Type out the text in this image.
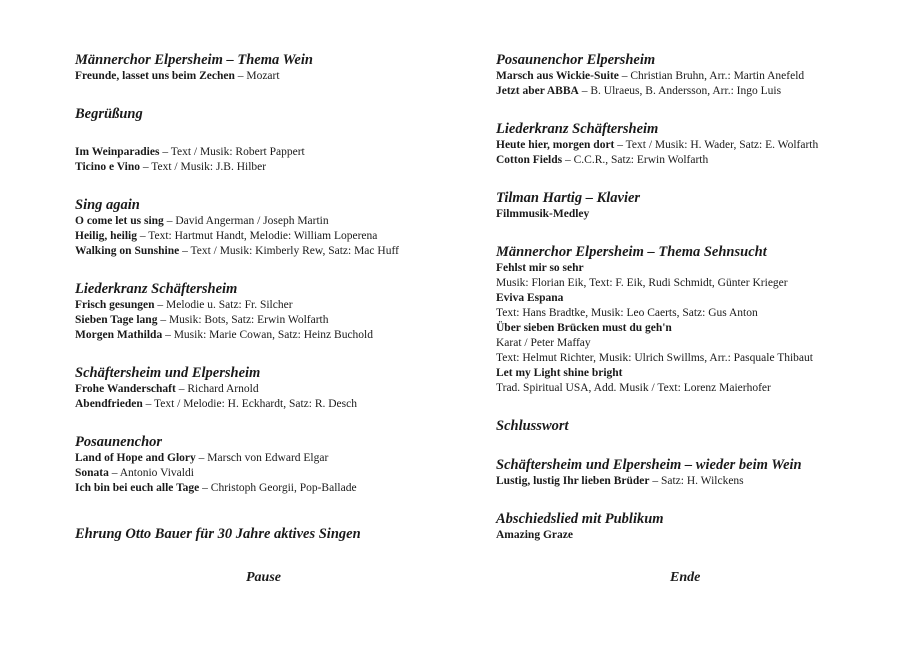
Männerchor Elpersheim – Thema Wein

Freunde, lasset uns beim Zechen – Mozart

Begrüßung

Im Weinparadies – Text / Musik: Robert Pappert

Ticino e Vino – Text / Musik: J.B. Hilber

Sing again

O come let us sing – David Angerman / Joseph Martin

Heilig, heilig – Text: Hartmut Handt, Melodie: William Loperena

Walking on Sunshine – Text / Musik: Kimberly Rew, Satz: Mac Huff

Liederkranz Schäftersheim

Frisch gesungen – Melodie u. Satz: Fr. Silcher

Sieben Tage lang – Musik: Bots, Satz: Erwin Wolfarth

Morgen Mathilda – Musik: Marie Cowan, Satz: Heinz Buchold

Schäftersheim und Elpersheim

Frohe Wanderschaft – Richard Arnold

Abendfrieden – Text / Melodie: H. Eckhardt, Satz: R. Desch

Posaunenchor

Land of Hope and Glory – Marsch von Edward Elgar

Sonata – Antonio Vivaldi

Ich bin bei euch alle Tage – Christoph Georgii, Pop-Ballade

Ehrung Otto Bauer für 30 Jahre aktives Singen

Posaunenchor Elpersheim

Marsch aus Wickie-Suite – Christian Bruhn, Arr.: Martin Anefeld

Jetzt aber ABBA – B. Ulraeus, B. Andersson, Arr.: Ingo Luis

Liederkranz Schäftersheim

Heute hier, morgen dort – Text / Musik: H. Wader, Satz: E. Wolfarth

Cotton Fields – C.C.R., Satz: Erwin Wolfarth

Tilman Hartig – Klavier

Filmmusik-Medley

Männerchor Elpersheim – Thema Sehnsucht

Fehlst mir so sehr

Musik: Florian Eik, Text: F. Eik, Rudi Schmidt, Günter Krieger

Eviva Espana

Text: Hans Bradtke, Musik: Leo Caerts, Satz: Gus Anton

Über sieben Brücken must du geh'n

Karat / Peter Maffay

Text: Helmut Richter, Musik: Ulrich Swillms, Arr.: Pasquale Thibaut

Let my Light shine bright

Trad. Spiritual USA, Add. Musik / Text: Lorenz Maierhofer

Schlusswort

Schäftersheim und Elpersheim – wieder beim Wein

Lustig, lustig Ihr lieben Brüder – Satz: H. Wilckens

Abschiedslied mit Publikum

Amazing Graze

Pause	Ende
